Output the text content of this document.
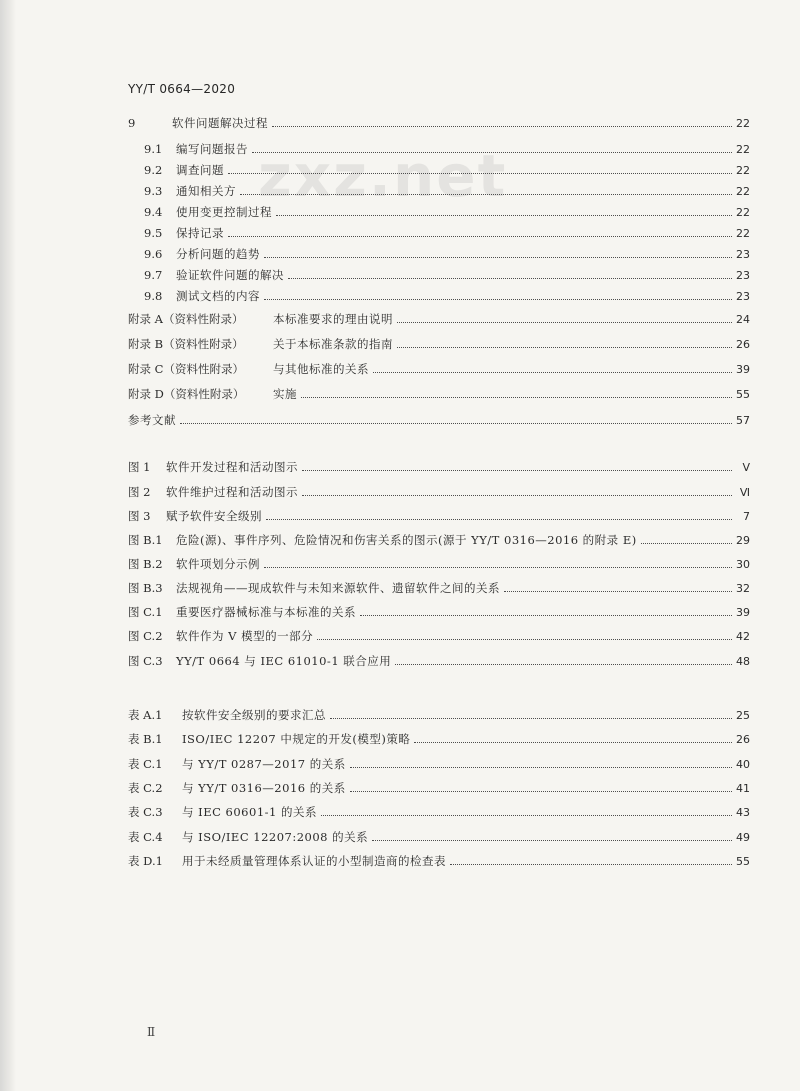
YY/T 0664—2020
zxz.net
9	软件问题解决过程	22
9.1	编写问题报告	22
9.2	调查问题	22
9.3	通知相关方	22
9.4	使用变更控制过程	22
9.5	保持记录	22
9.6	分析问题的趋势	23
9.7	验证软件问题的解决	23
9.8	测试文档的内容	23
附录 A（资料性附录）	本标准要求的理由说明	24
附录 B（资料性附录）	关于本标准条款的指南	26
附录 C（资料性附录）	与其他标准的关系	39
附录 D（资料性附录）	实施	55
参考文献	57
图 1	软件开发过程和活动图示	V
图 2	软件维护过程和活动图示	Ⅵ
图 3	赋予软件安全级别	7
图 B.1	危险(源)、事件序列、危险情况和伤害关系的图示(源于 YY/T 0316—2016 的附录 E)	29
图 B.2	软件项划分示例	30
图 B.3	法规视角——现成软件与未知来源软件、遗留软件之间的关系	32
图 C.1	重要医疗器械标准与本标准的关系	39
图 C.2	软件作为 V 模型的一部分	42
图 C.3	YY/T 0664 与 IEC 61010-1 联合应用	48
表 A.1	按软件安全级别的要求汇总	25
表 B.1	ISO/IEC 12207 中规定的开发(模型)策略	26
表 C.1	与 YY/T 0287—2017 的关系	40
表 C.2	与 YY/T 0316—2016 的关系	41
表 C.3	与 IEC 60601-1 的关系	43
表 C.4	与 ISO/IEC 12207:2008 的关系	49
表 D.1	用于未经质量管理体系认证的小型制造商的检查表	55
Ⅱ
